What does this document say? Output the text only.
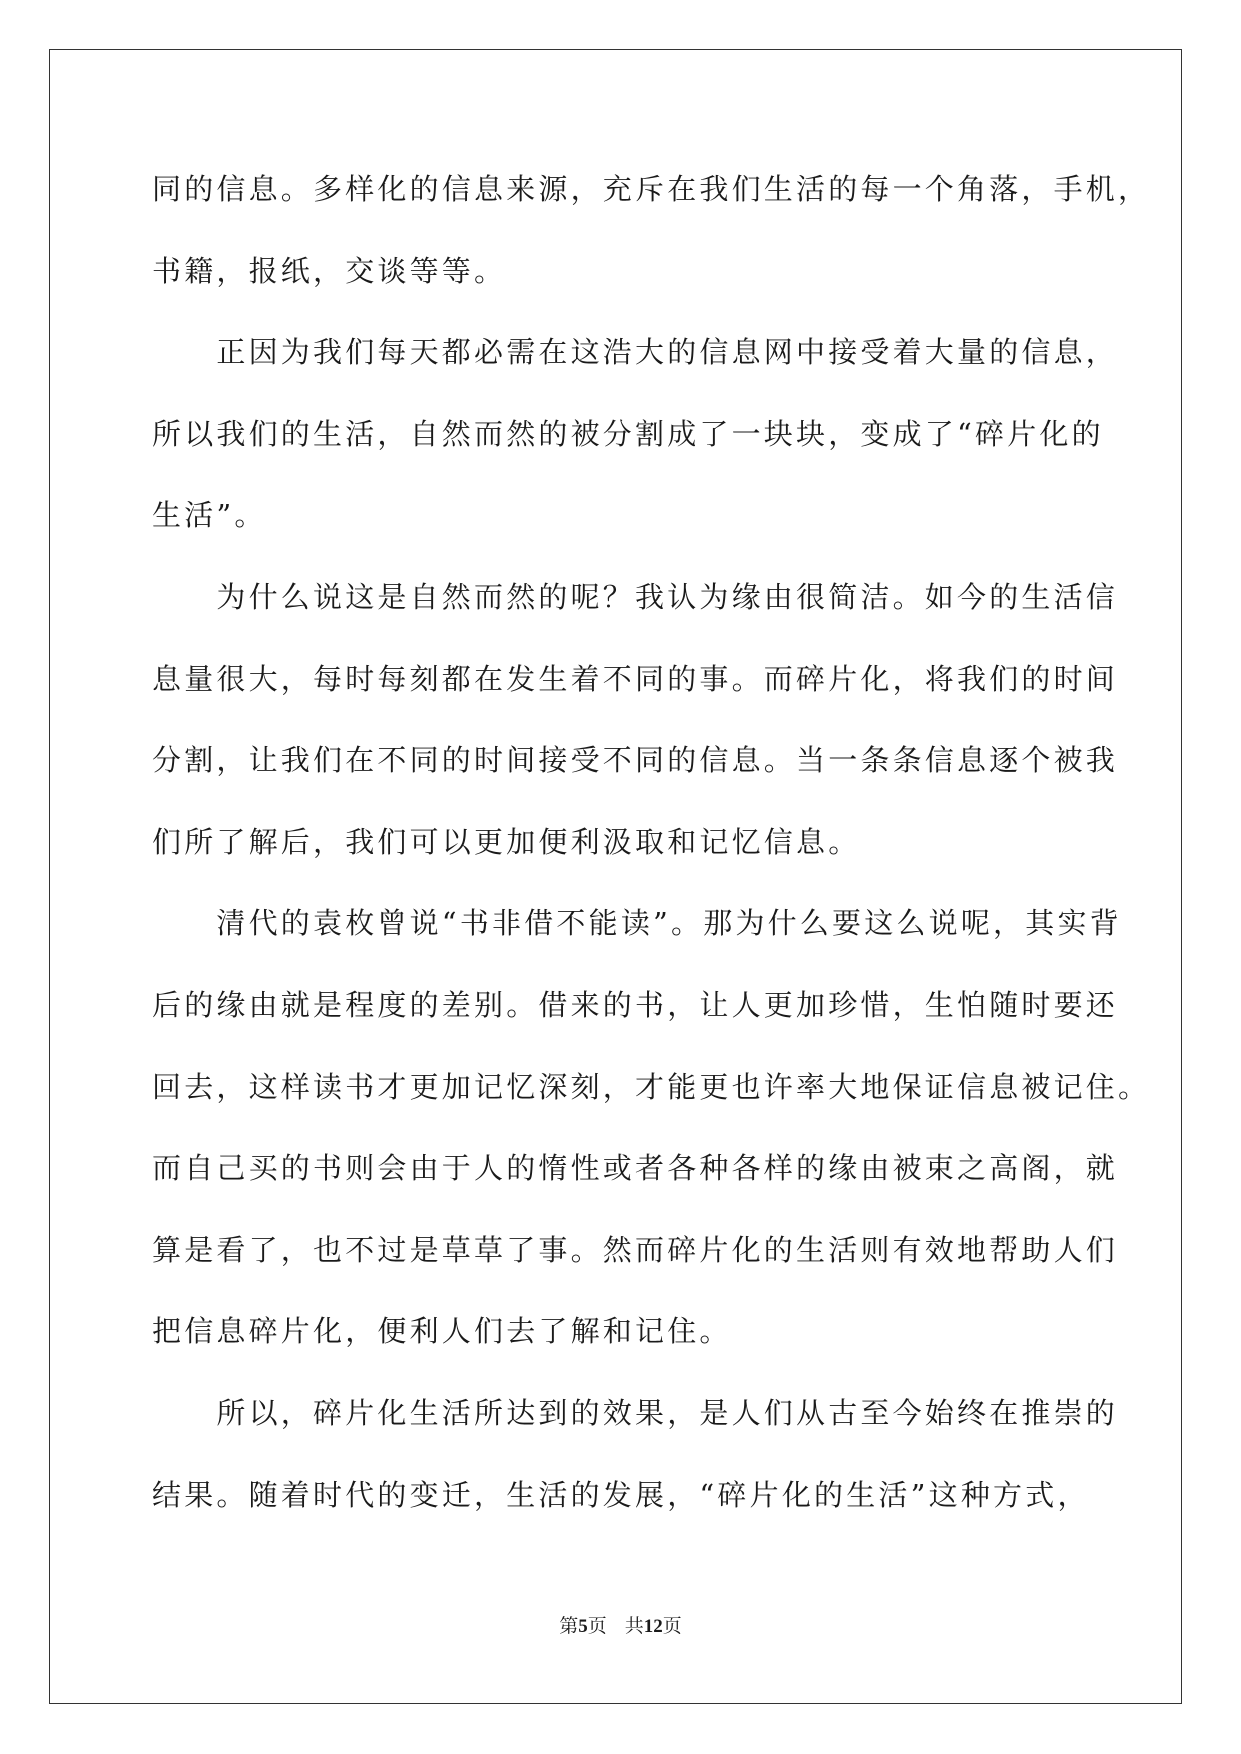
同的信息。多样化的信息来源，充斥在我们生活的每一个角落，手机，
书籍，报纸，交谈等等。
　　正因为我们每天都必需在这浩大的信息网中接受着大量的信息，
所以我们的生活，自然而然的被分割成了一块块，变成了“碎片化的
生活”。
　　为什么说这是自然而然的呢？我认为缘由很简洁。如今的生活信
息量很大，每时每刻都在发生着不同的事。而碎片化，将我们的时间
分割，让我们在不同的时间接受不同的信息。当一条条信息逐个被我
们所了解后，我们可以更加便利汲取和记忆信息。
　　清代的袁枚曾说“书非借不能读”。那为什么要这么说呢，其实背
后的缘由就是程度的差别。借来的书，让人更加珍惜，生怕随时要还
回去，这样读书才更加记忆深刻，才能更也许率大地保证信息被记住。
而自己买的书则会由于人的惰性或者各种各样的缘由被束之高阁，就
算是看了，也不过是草草了事。然而碎片化的生活则有效地帮助人们
把信息碎片化，便利人们去了解和记住。
　　所以，碎片化生活所达到的效果，是人们从古至今始终在推崇的
结果。随着时代的变迁，生活的发展，“碎片化的生活”这种方式，
第5页 共12页
